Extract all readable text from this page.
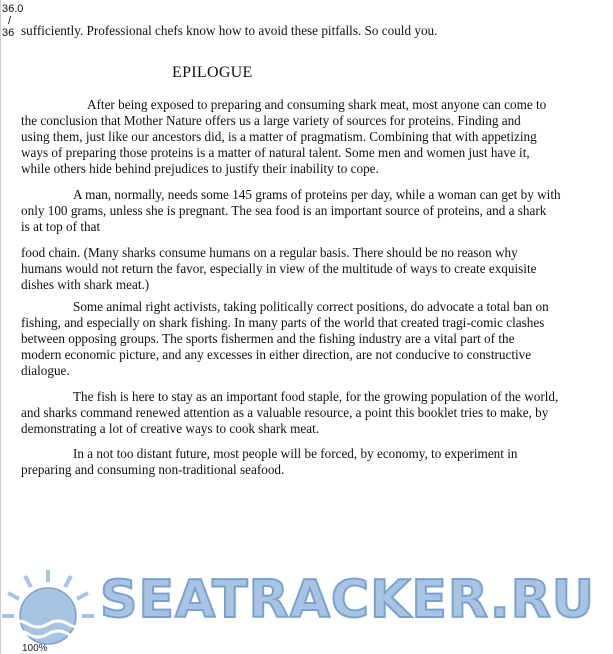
36.0
/
36 sufficiently. Professional chefs know how to avoid these pitfalls. So could you.
EPILOGUE
After being exposed to preparing and consuming shark meat, most anyone can come to
the conclusion that Mother Nature offers us a large variety of sources for proteins. Finding and
using them, just like our ancestors did, is a matter of pragmatism. Combining that with appetizing
ways of preparing those proteins is a matter of natural talent. Some men and women just have it,
while others hide behind prejudices to justify their inability to cope.
A man, normally, needs some 145 grams of proteins per day, while a woman can get by with
only 100 grams, unless she is pregnant. The sea food is an important source of proteins, and a shark
is at top of that
food chain. (Many sharks consume humans on a regular basis. There should be no reason why
humans would not return the favor, especially in view of the multitude of ways to create exquisite
dishes with shark meat.)
Some animal right activists, taking politically correct positions, do advocate a total ban on
fishing, and especially on shark fishing. In many parts of the world that created tragi-comic clashes
between opposing groups. The sports fishermen and the fishing industry are a vital part of the
modern economic picture, and any excesses in either direction, are not conducive to constructive
dialogue.
The fish is here to stay as an important food staple, for the growing population of the world,
and sharks command renewed attention as a valuable resource, a point this booklet tries to make, by
demonstrating a lot of creative ways to cook shark meat.
In a not too distant future, most people will be forced, by economy, to experiment in
preparing and consuming non-traditional seafood.
SEATRACKER.RU
100%
